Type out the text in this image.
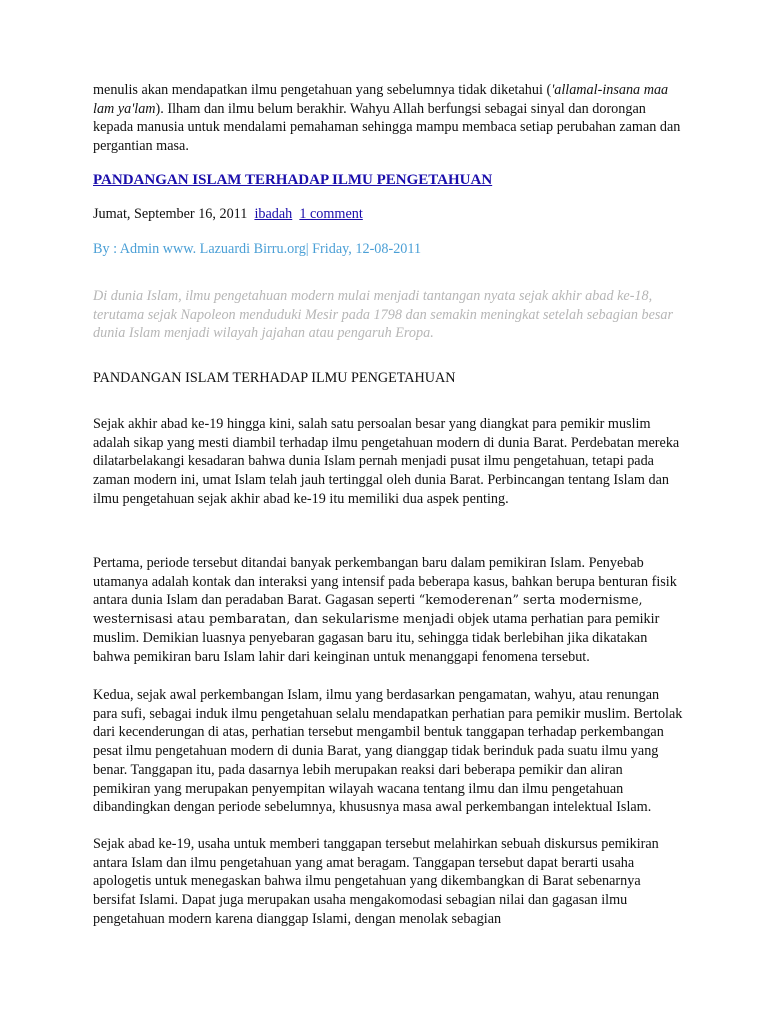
menulis akan mendapatkan ilmu pengetahuan yang sebelumnya tidak diketahui ('allamal-insana maa lam ya'lam). Ilham dan ilmu belum berakhir. Wahyu Allah berfungsi sebagai sinyal dan dorongan kepada manusia untuk mendalami pemahaman sehingga mampu membaca setiap perubahan zaman dan pergantian masa.

PANDANGAN ISLAM TERHADAP ILMU PENGETAHUAN

Jumat, September 16, 2011 ibadah 1 comment

By : Admin www. Lazuardi Birru.org| Friday, 12-08-2011

Di dunia Islam, ilmu pengetahuan modern mulai menjadi tantangan nyata sejak akhir abad ke-18, terutama sejak Napoleon menduduki Mesir pada 1798 dan semakin meningkat setelah sebagian besar dunia Islam menjadi wilayah jajahan atau pengaruh Eropa.

PANDANGAN ISLAM TERHADAP ILMU PENGETAHUAN

Sejak akhir abad ke-19 hingga kini, salah satu persoalan besar yang diangkat para pemikir muslim adalah sikap yang mesti diambil terhadap ilmu pengetahuan modern di dunia Barat. Perdebatan mereka dilatarbelakangi kesadaran bahwa dunia Islam pernah menjadi pusat ilmu pengetahuan, tetapi pada zaman modern ini, umat Islam telah jauh tertinggal oleh dunia Barat. Perbincangan tentang Islam dan ilmu pengetahuan sejak akhir abad ke-19 itu memiliki dua aspek penting.

Pertama, periode tersebut ditandai banyak perkembangan baru dalam pemikiran Islam. Penyebab utamanya adalah kontak dan interaksi yang intensif pada beberapa kasus, bahkan berupa benturan fisik antara dunia Islam dan peradaban Barat. Gagasan seperti “kemoderenan” serta modernisme, westernisasi atau pembaratan, dan sekularisme menjadi objek utama perhatian para pemikir muslim. Demikian luasnya penyebaran gagasan baru itu, sehingga tidak berlebihan jika dikatakan bahwa pemikiran baru Islam lahir dari keinginan untuk menanggapi fenomena tersebut.

Kedua, sejak awal perkembangan Islam, ilmu yang berdasarkan pengamatan, wahyu, atau renungan para sufi, sebagai induk ilmu pengetahuan selalu mendapatkan perhatian para pemikir muslim. Bertolak dari kecenderungan di atas, perhatian tersebut mengambil bentuk tanggapan terhadap perkembangan pesat ilmu pengetahuan modern di dunia Barat, yang dianggap tidak berinduk pada suatu ilmu yang benar. Tanggapan itu, pada dasarnya lebih merupakan reaksi dari beberapa pemikir dan aliran pemikiran yang merupakan penyempitan wilayah wacana tentang ilmu dan ilmu pengetahuan dibandingkan dengan periode sebelumnya, khususnya masa awal perkembangan intelektual Islam.

Sejak abad ke-19, usaha untuk memberi tanggapan tersebut melahirkan sebuah diskursus pemikiran antara Islam dan ilmu pengetahuan yang amat beragam. Tanggapan tersebut dapat berarti usaha apologetis untuk menegaskan bahwa ilmu pengetahuan yang dikembangkan di Barat sebenarnya bersifat Islami. Dapat juga merupakan usaha mengakomodasi sebagian nilai dan gagasan ilmu pengetahuan modern karena dianggap Islami, dengan menolak sebagian
